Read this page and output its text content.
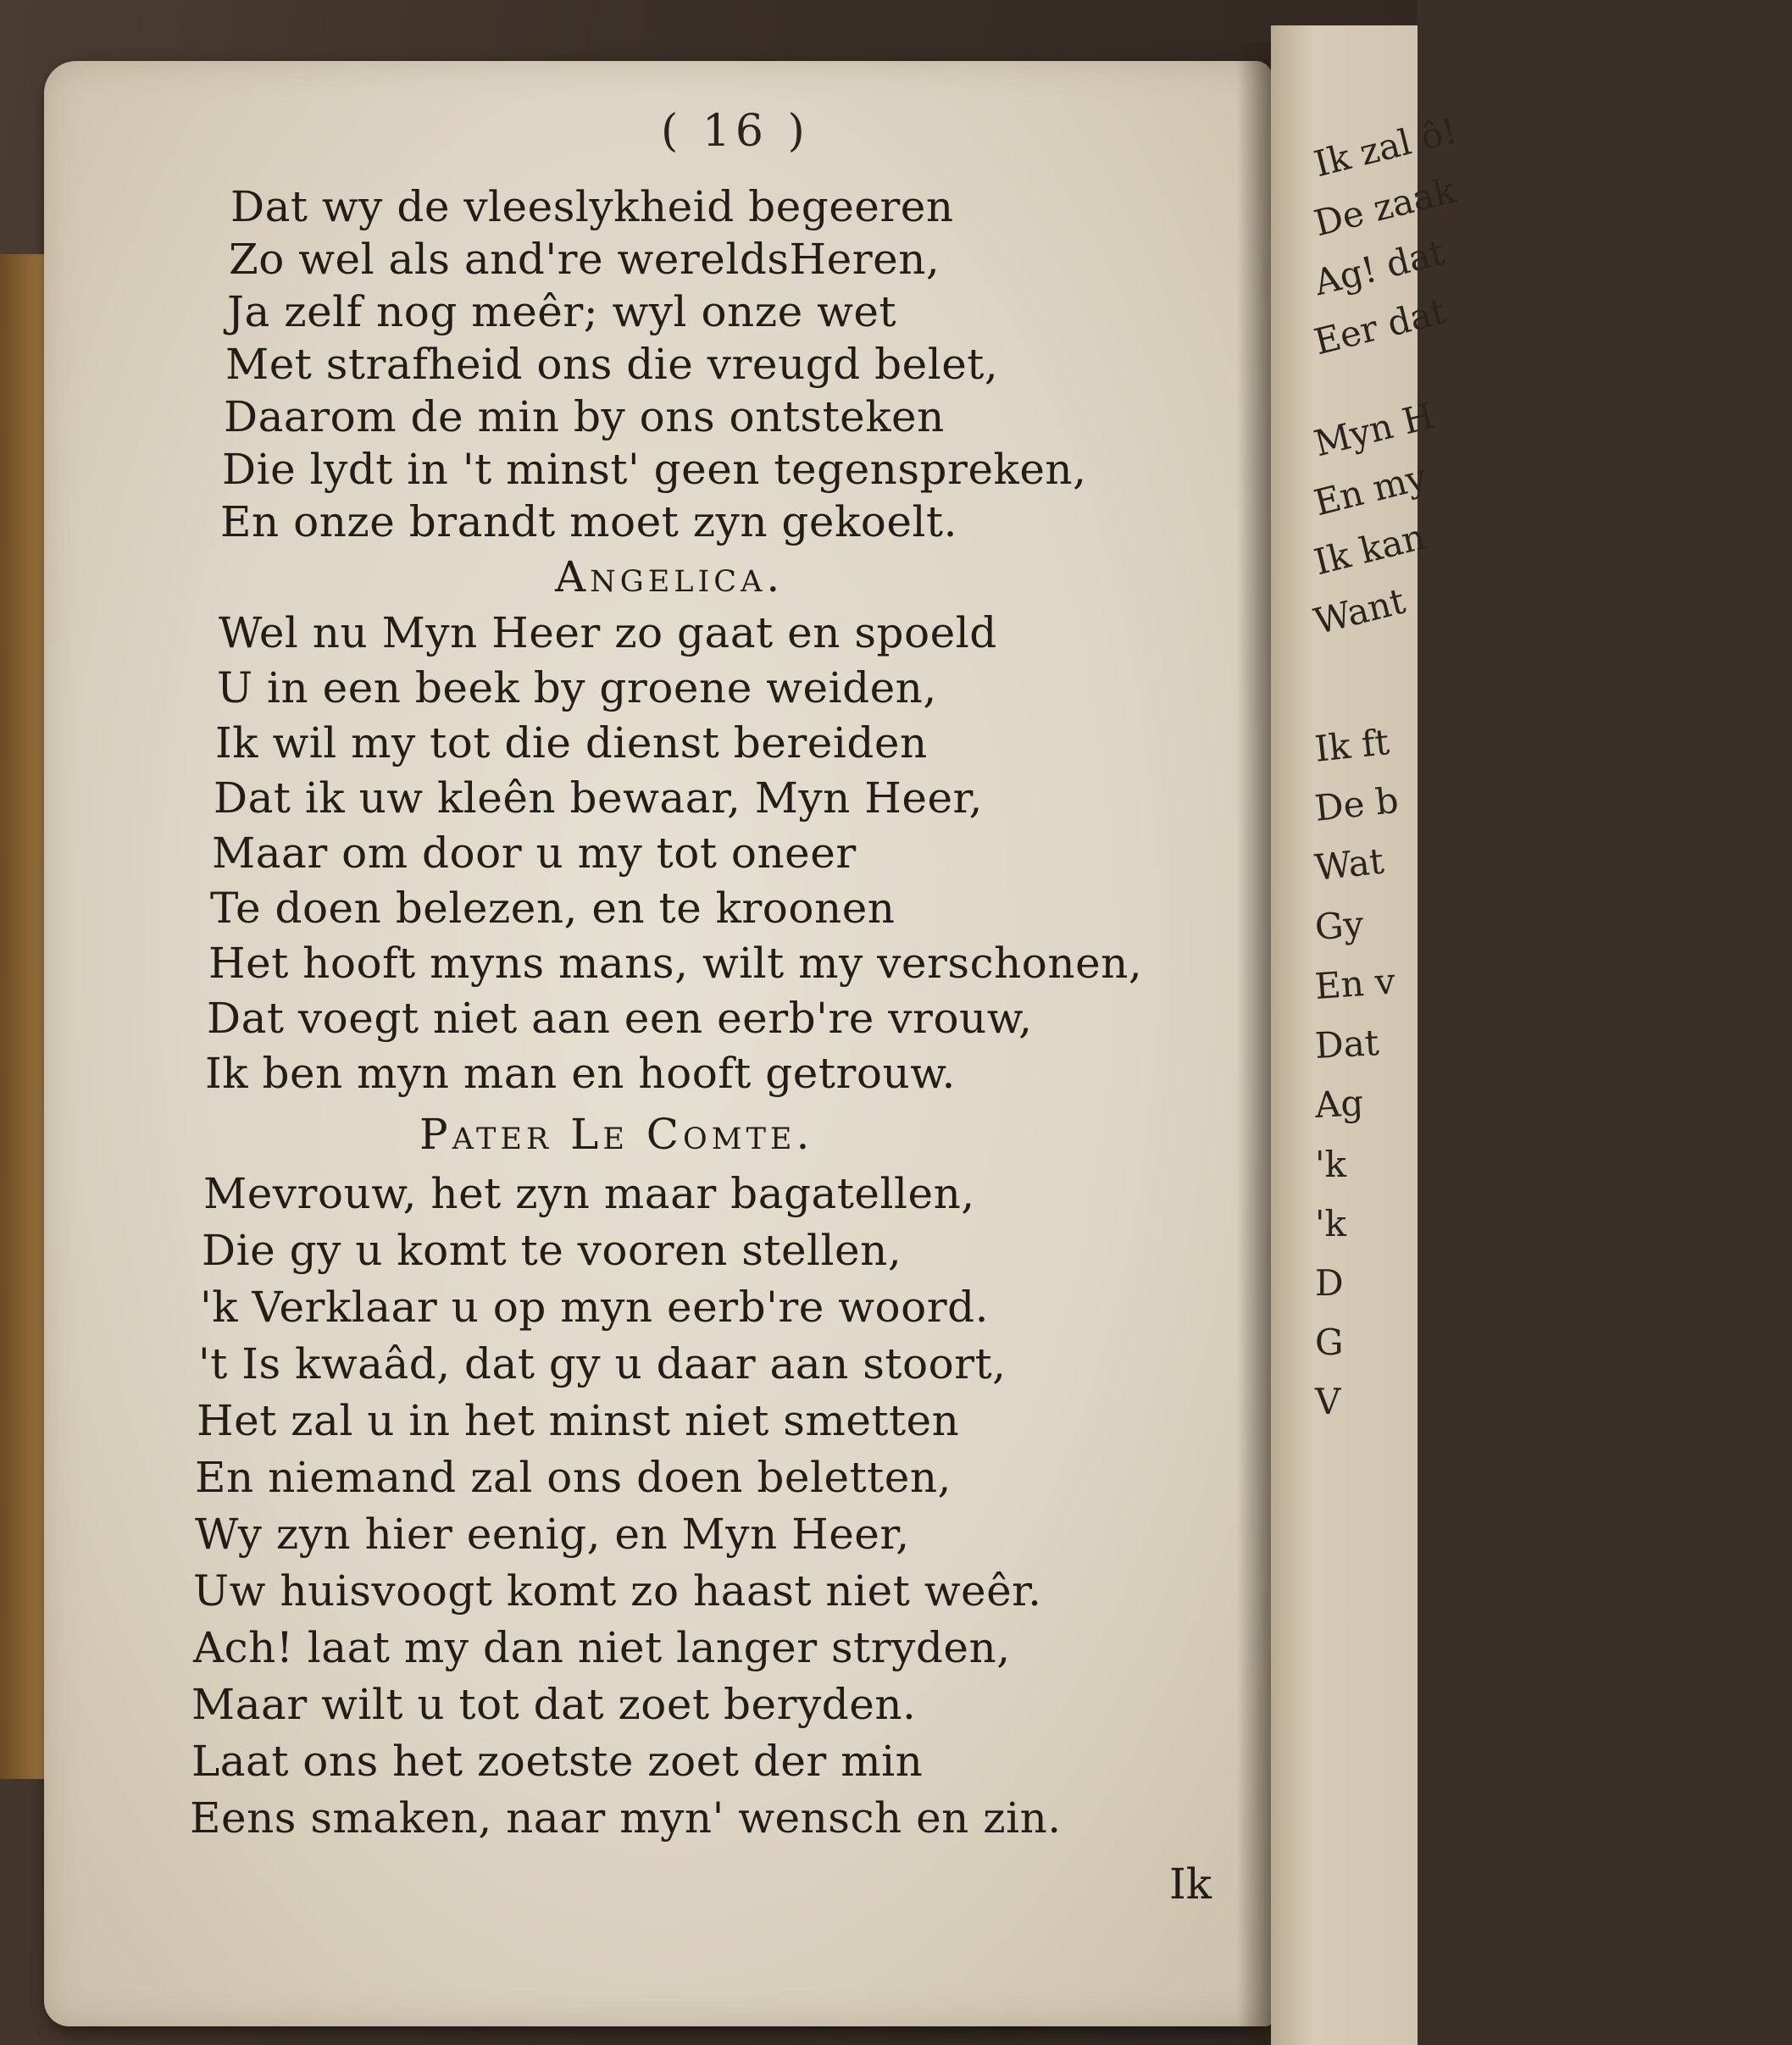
( 16 )
Dat wy de vleeslykheid begeeren
Zo wel als and're wereldsHeren,
Ja zelf nog meêr; wyl onze wet
Met strafheid ons die vreugd belet,
Daarom de min by ons ontsteken
Die lydt in 't minst' geen tegenspreken,
En onze brandt moet zyn gekoelt.
Angelica.
Wel nu Myn Heer zo gaat en spoeld
U in een beek by groene weiden,
Ik wil my tot die dienst bereiden
Dat ik uw kleên bewaar, Myn Heer,
Maar om door u my tot oneer
Te doen belezen, en te kroonen
Het hooft myns mans, wilt my verschonen,
Dat voegt niet aan een eerb're vrouw,
Ik ben myn man en hooft getrouw.
Pater Le Comte.
Mevrouw, het zyn maar bagatellen,
Die gy u komt te vooren stellen,
'k Verklaar u op myn eerb're woord.
't Is kwaâd, dat gy u daar aan stoort,
Het zal u in het minst niet smetten
En niemand zal ons doen beletten,
Wy zyn hier eenig, en Myn Heer,
Uw huisvoogt komt zo haast niet weêr.
Ach! laat my dan niet langer stryden,
Maar wilt u tot dat zoet beryden.
Laat ons het zoetste zoet der min
Eens smaken, naar myn' wensch en zin.
Ik
Ik zal ô!
De zaak
Ag! dat
Eer dat
Myn H
En my
Ik kan
Want
Ik ft
De b
Wat
Gy
En v
Dat
Ag
'k
'k
D
G
V
